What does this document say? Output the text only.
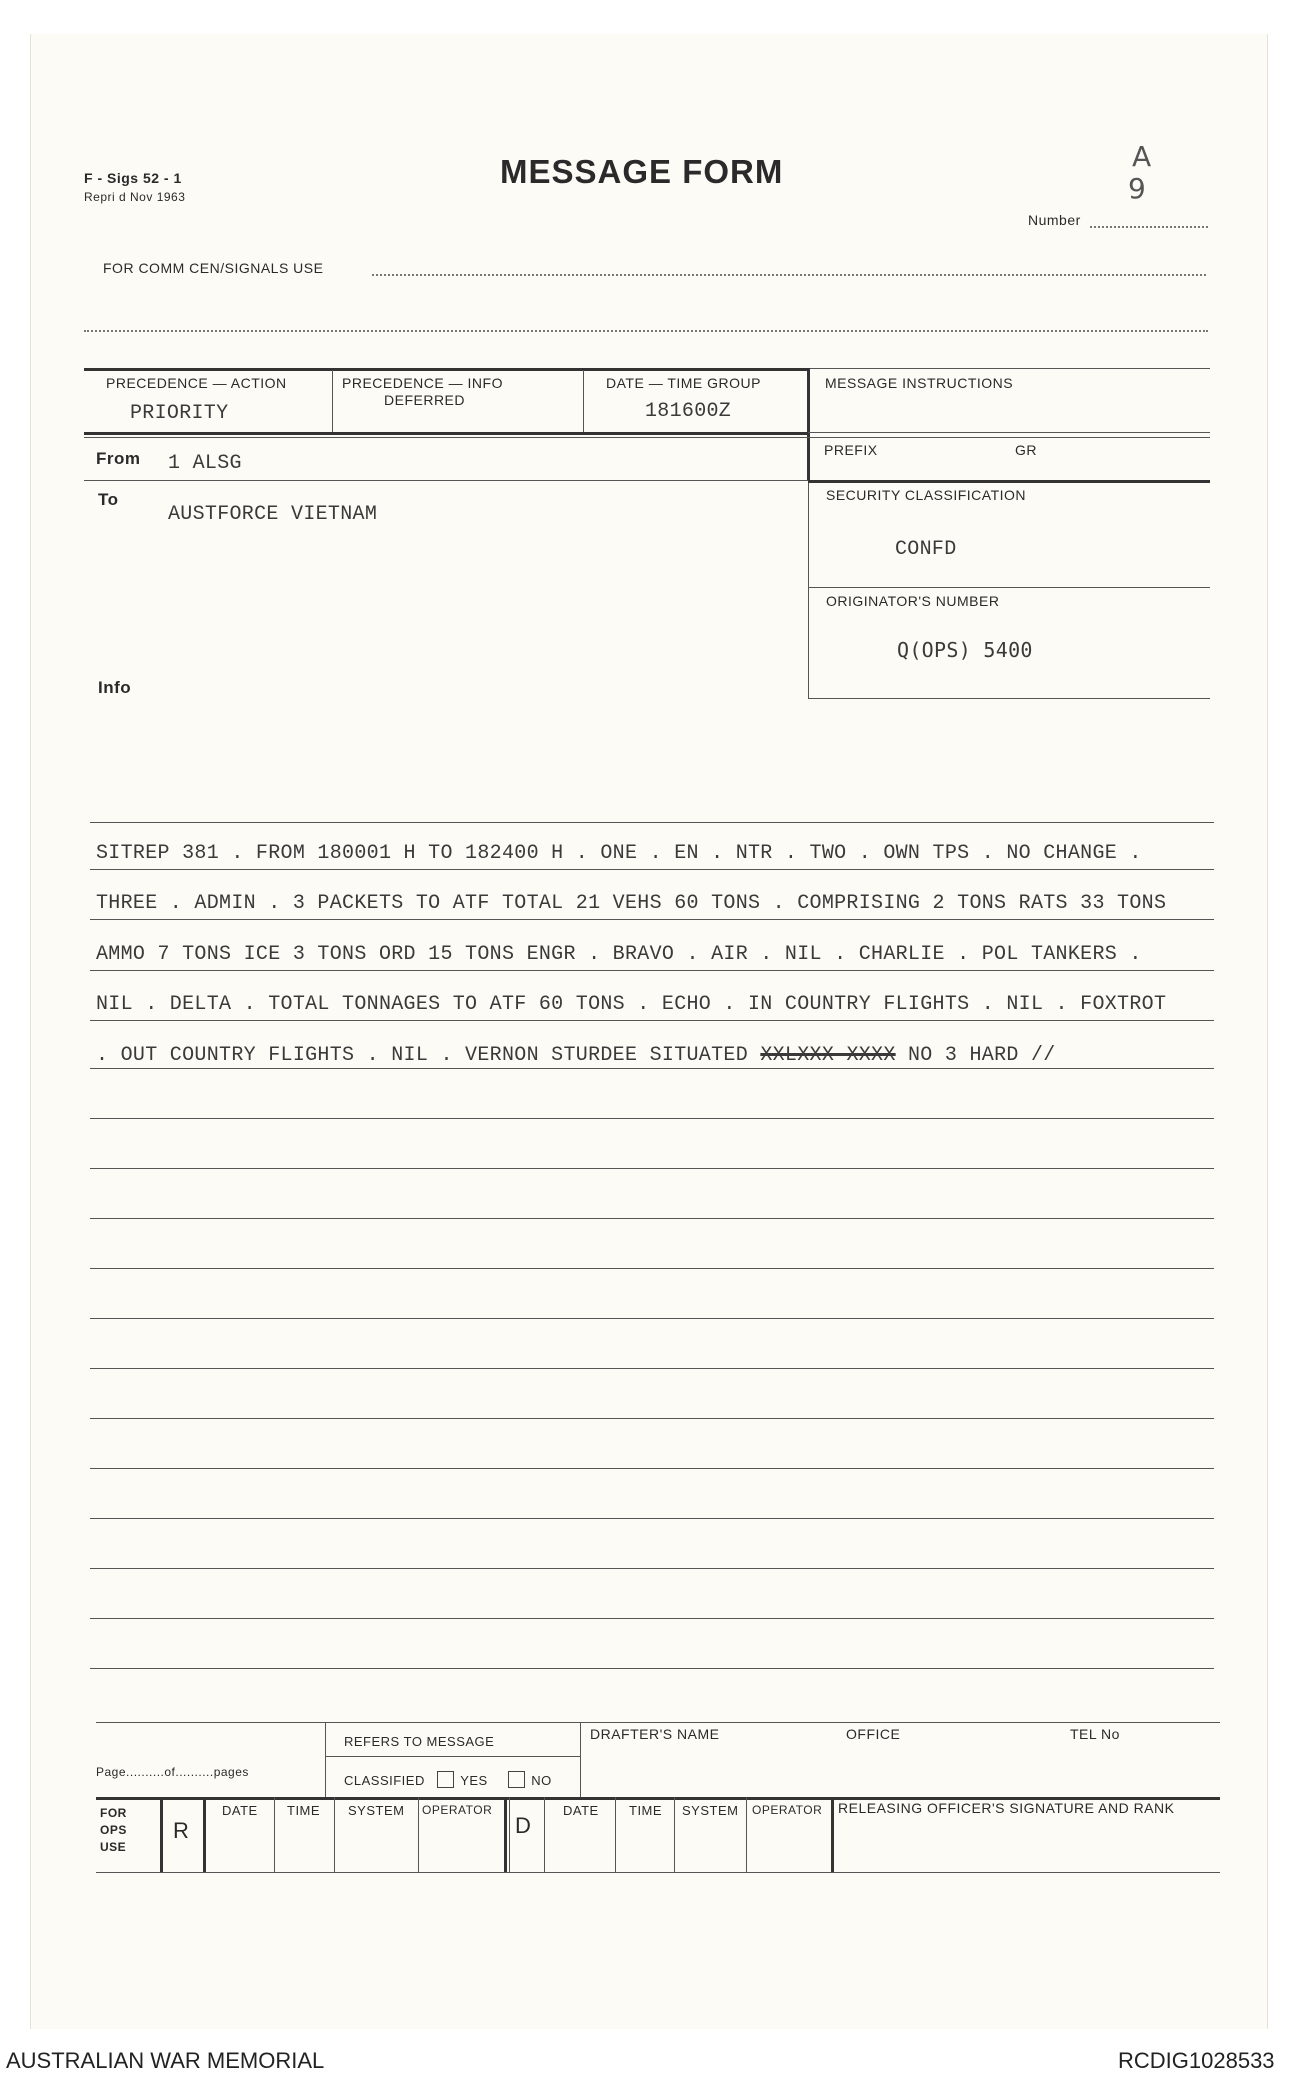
F - Sigs 52 - 1
Repri d Nov 1963
MESSAGE FORM	A
9
Number
FOR COMM CEN/SIGNALS USE
PRECEDENCE — ACTION
PRIORITY
PRECEDENCE — INFO
DEFERRED
DATE — TIME GROUP
181600Z
MESSAGE INSTRUCTIONS
PREFIX	GR
From 1 ALSG
To
AUSTFORCE VIETNAM
Info
SECURITY CLASSIFICATION
CONFD
ORIGINATOR'S NUMBER
Q(OPS) 5400
SITREP 381 . FROM 180001 H TO 182400 H . ONE . EN . NTR . TWO . OWN TPS . NO CHANGE .
THREE . ADMIN . 3 PACKETS TO ATF TOTAL 21 VEHS 60 TONS . COMPRISING 2 TONS RATS 33 TONS
AMMO 7 TONS ICE 3 TONS ORD 15 TONS ENGR . BRAVO . AIR . NIL . CHARLIE . POL TANKERS .
NIL . DELTA . TOTAL TONNAGES TO ATF 60 TONS . ECHO . IN COUNTRY FLIGHTS . NIL . FOXTROT
. OUT COUNTRY FLIGHTS . NIL . VERNON STURDEE SITUATED XXLXXX XXXX NO 3 HARD //
Page..........of..........pages
REFERS TO MESSAGE
CLASSIFIED	YES	NO
DRAFTER'S NAME	OFFICE	TEL No
FOR
OPS
USE
R
DATE TIME SYSTEM OPERATOR
D
DATE TIME SYSTEM OPERATOR RELEASING OFFICER'S SIGNATURE AND RANK
AUSTRALIAN WAR MEMORIAL	RCDIG1028533
